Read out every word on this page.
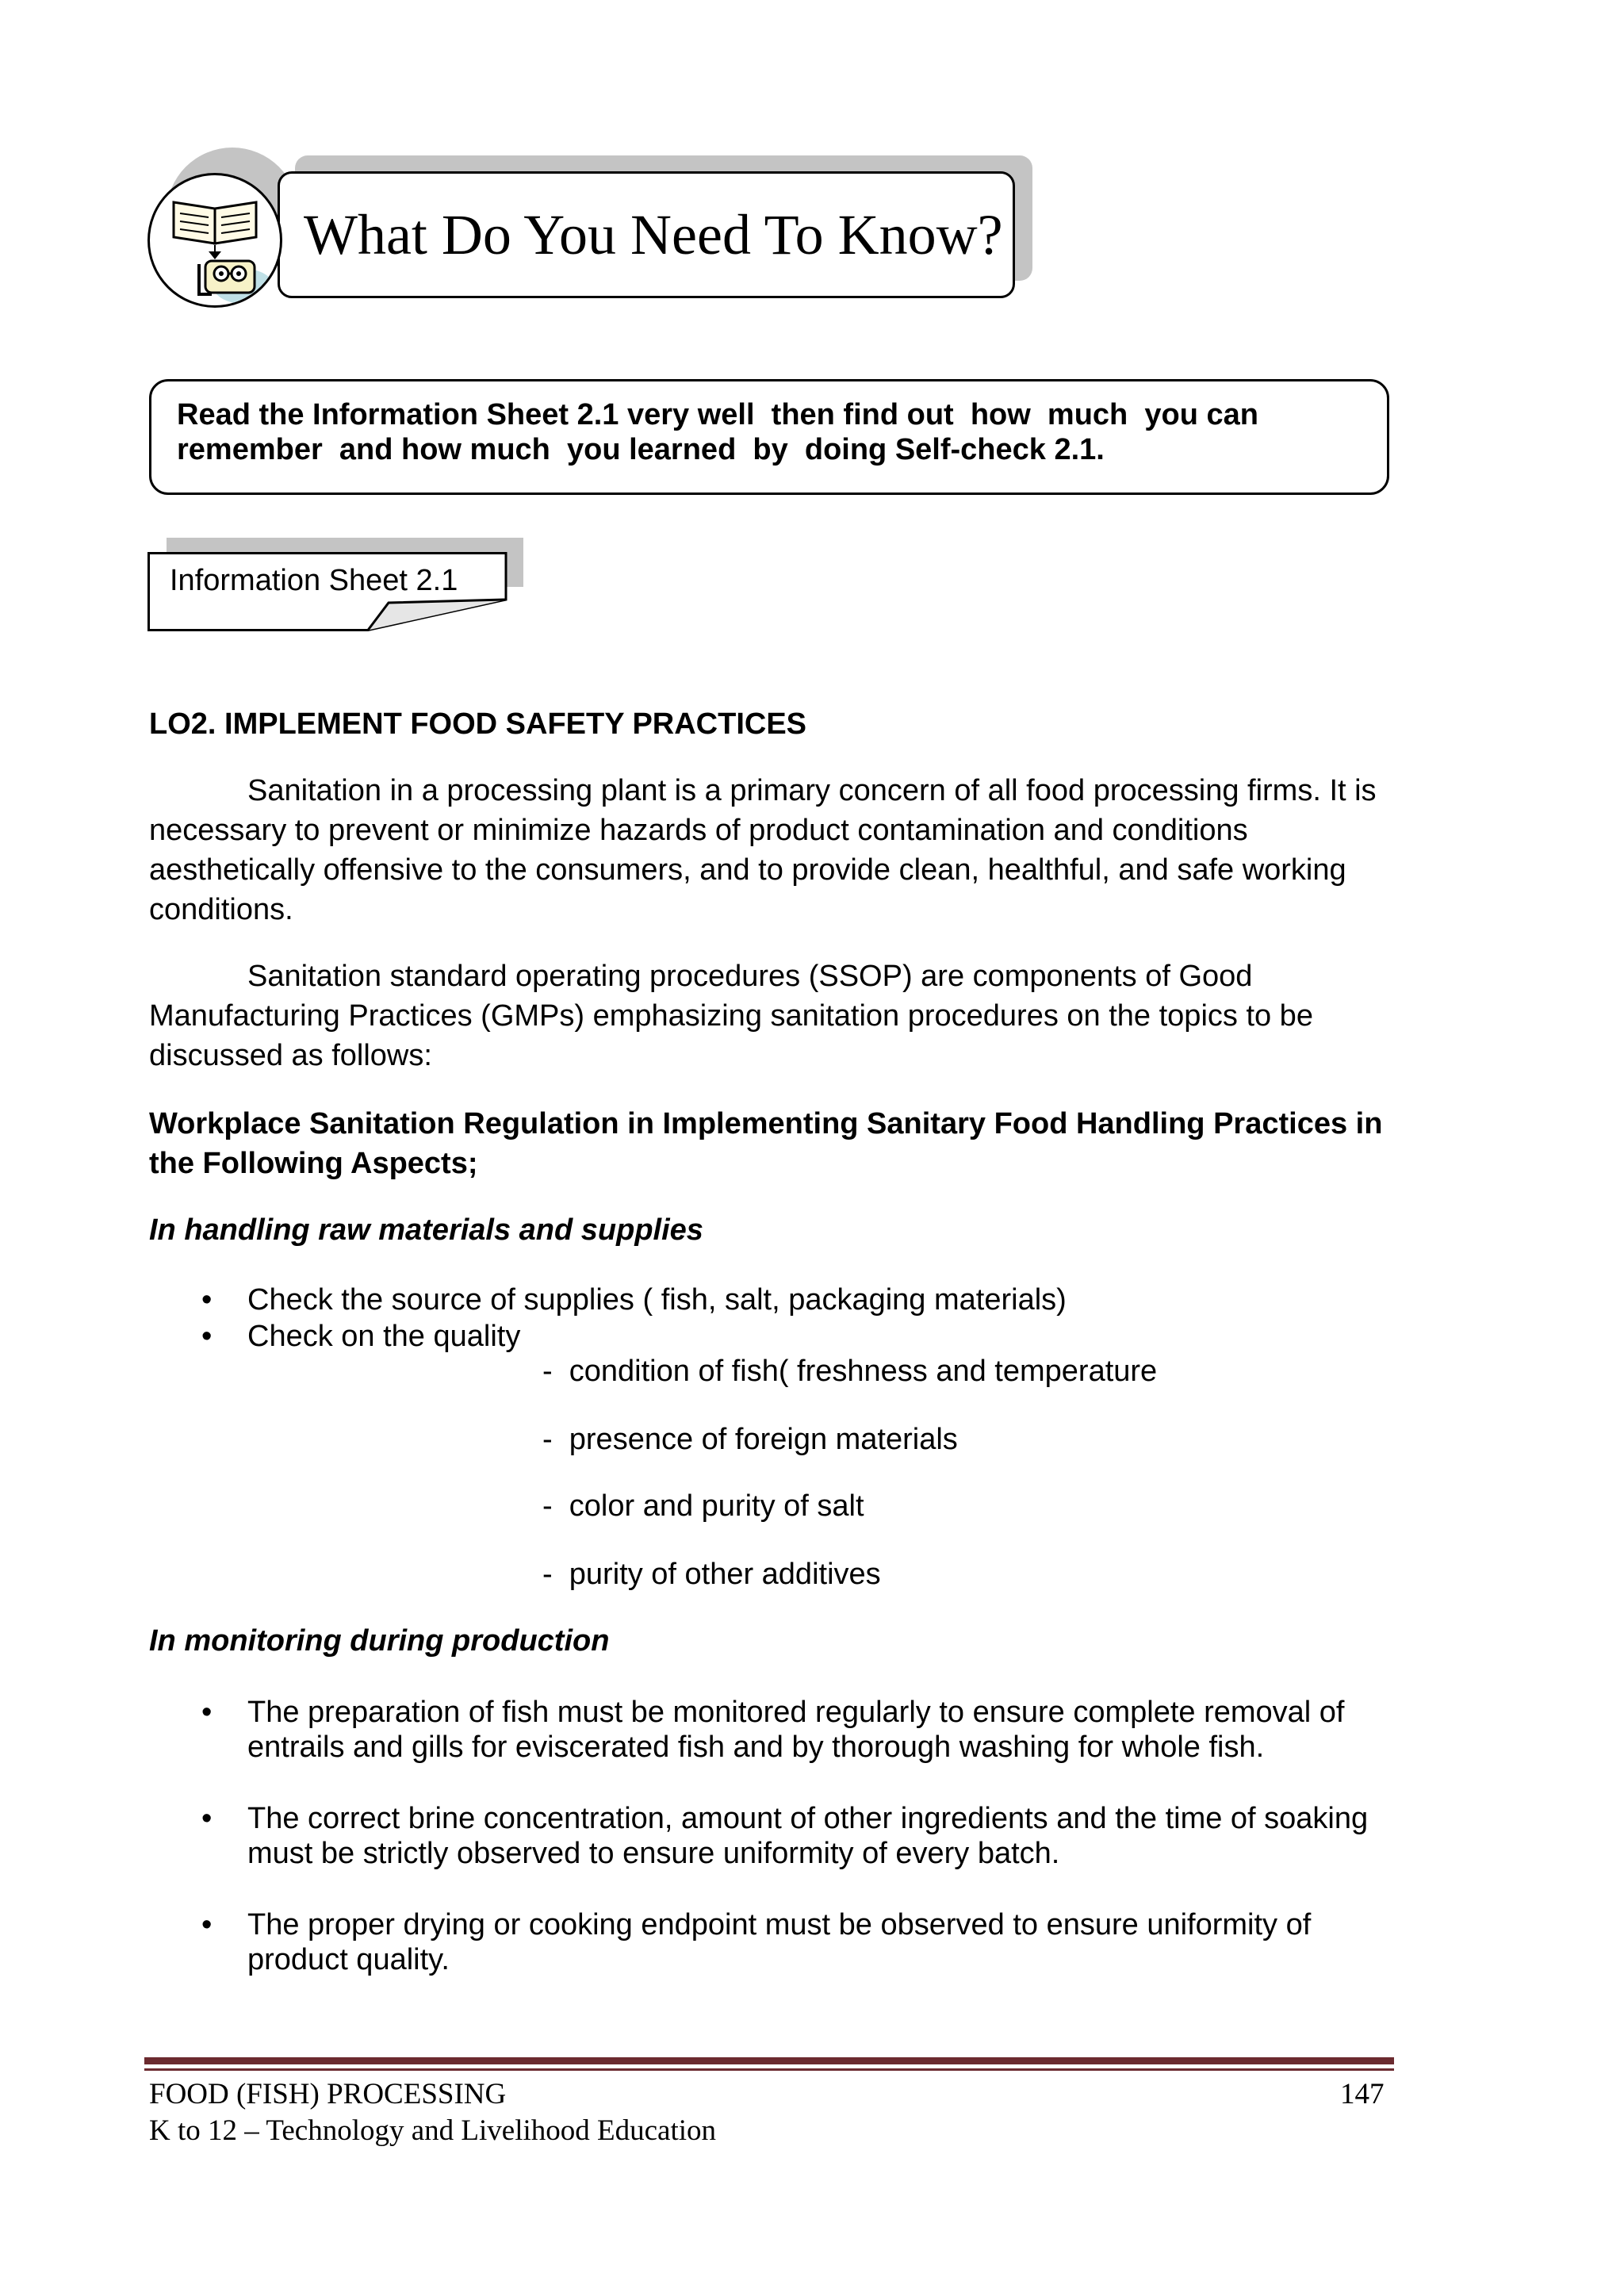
What Do You Need To Know?
Read the Information Sheet 2.1 very well  then find out  how  much  you can
remember  and how much  you learned  by  doing Self-check 2.1.
Information Sheet 2.1
LO2. IMPLEMENT FOOD SAFETY PRACTICES
Sanitation in a processing plant is a primary concern of all food processing firms. It is
necessary to prevent or minimize hazards of product contamination and conditions
aesthetically offensive to the consumers, and to provide clean, healthful, and safe working
conditions.
Sanitation standard operating procedures (SSOP) are components of Good
Manufacturing Practices (GMPs) emphasizing sanitation procedures on the topics to be
discussed as follows:
Workplace Sanitation Regulation in Implementing Sanitary Food Handling Practices in
the Following Aspects;
In handling raw materials and supplies
• Check the source of supplies ( fish, salt, packaging materials)
• Check on the quality
-  condition of fish( freshness and temperature
-  presence of foreign materials
-  color and purity of salt
-  purity of other additives
In monitoring during production
• The preparation of fish must be monitored regularly to ensure complete removal of
entrails and gills for eviscerated fish and by thorough washing for whole fish.
• The correct brine concentration, amount of other ingredients and the time of soaking
must be strictly observed to ensure uniformity of every batch.
• The proper drying or cooking endpoint must be observed to ensure uniformity of
product quality.
FOOD (FISH) PROCESSING
K to 12 – Technology and Livelihood Education
147
